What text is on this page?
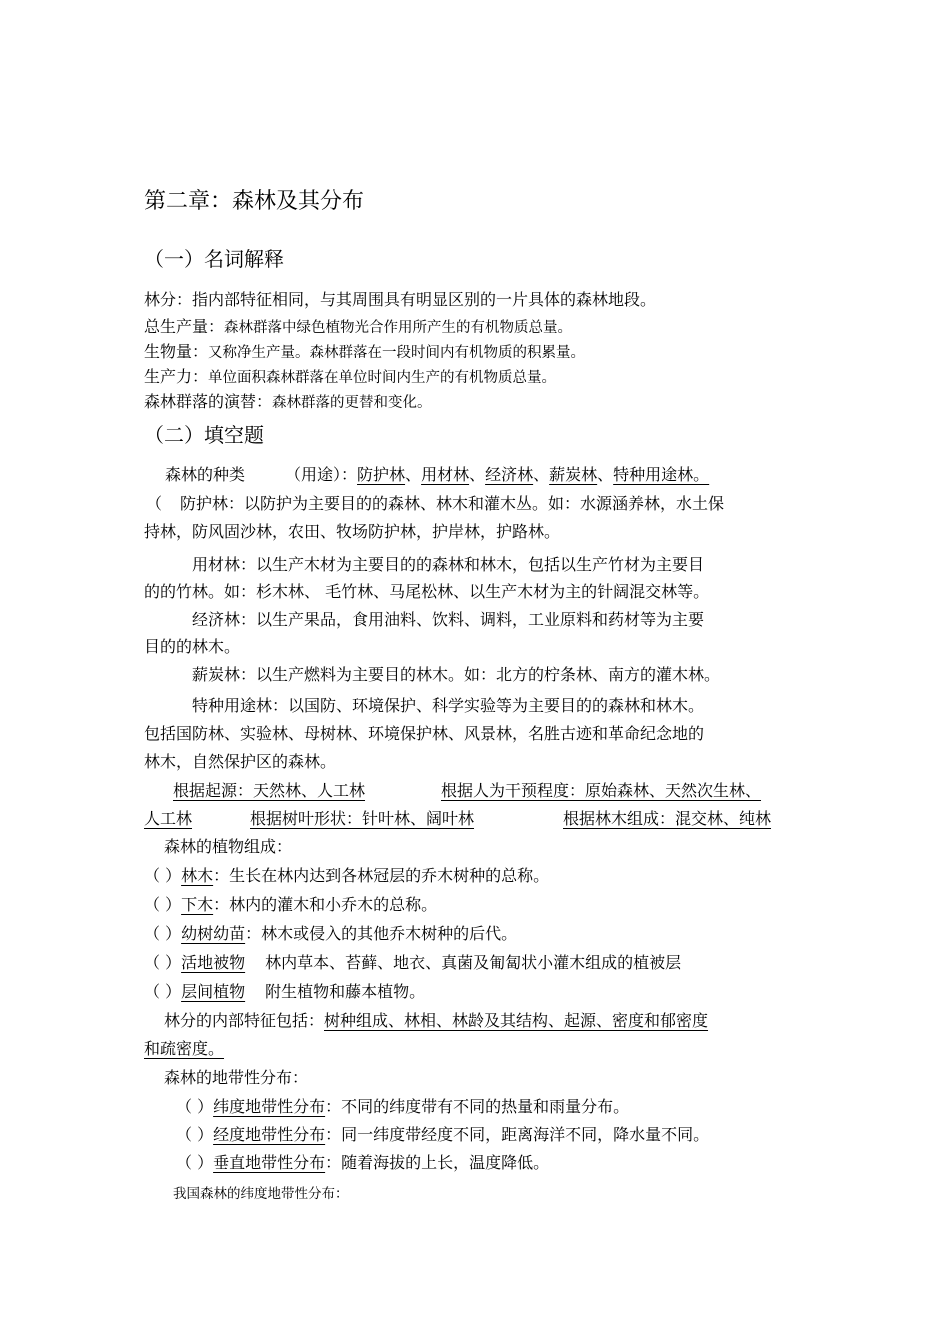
第二章：森林及其分布
（一）名词解释
林分：指内部特征相同，与其周围具有明显区别的一片具体的森林地段。
总生产量：森林群落中绿色植物光合作用所产生的有机物质总量。
生物量：又称净生产量。森林群落在一段时间内有机物质的积累量。
生产力：单位面积森林群落在单位时间内生产的有机物质总量。
森林群落的演替：森林群落的更替和变化。
（二）填空题
森林的种类	（用途）：防护林、用材林、经济林、薪炭林、特种用途林。
（ 防护林：以防护为主要目的的森林、林木和灌木丛。如：水源涵养林，水土保
持林，防风固沙林，农田、牧场防护林，护岸林，护路林。
用材林：以生产木材为主要目的的森林和林木，包括以生产竹材为主要目
的的竹林。如：杉木林、 毛竹林、马尾松林、以生产木材为主的针阔混交林等。
经济林：以生产果品，食用油料、饮料、调料，工业原料和药材等为主要
目的的林木。
薪炭林：以生产燃料为主要目的林木。如：北方的柠条林、南方的灌木林。
特种用途林：以国防、环境保护、科学实验等为主要目的的森林和林木。
包括国防林、实验林、母树林、环境保护林、风景林，名胜古迹和革命纪念地的
林木，自然保护区的森林。
根据起源：天然林、人工林	根据人为干预程度：原始森林、天然次生林、
人工林	根据树叶形状：针叶林、阔叶林	根据林木组成：混交林、纯林
森林的植物组成：
（ ）林木：生长在林内达到各林冠层的乔木树种的总称。
（ ）下木：林内的灌木和小乔木的总称。
（ ）幼树幼苗：林木或侵入的其他乔木树种的后代。
（ ）活地被物 林内草本、苔藓、地衣、真菌及匍匐状小灌木组成的植被层
（ ）层间植物 附生植物和藤本植物。
林分的内部特征包括：树种组成、林相、林龄及其结构、起源、密度和郁密度
和疏密度。
森林的地带性分布：
（ ）纬度地带性分布：不同的纬度带有不同的热量和雨量分布。
（ ）经度地带性分布：同一纬度带经度不同，距离海洋不同，降水量不同。
（ ）垂直地带性分布：随着海拔的上长，温度降低。
我国森林的纬度地带性分布：
